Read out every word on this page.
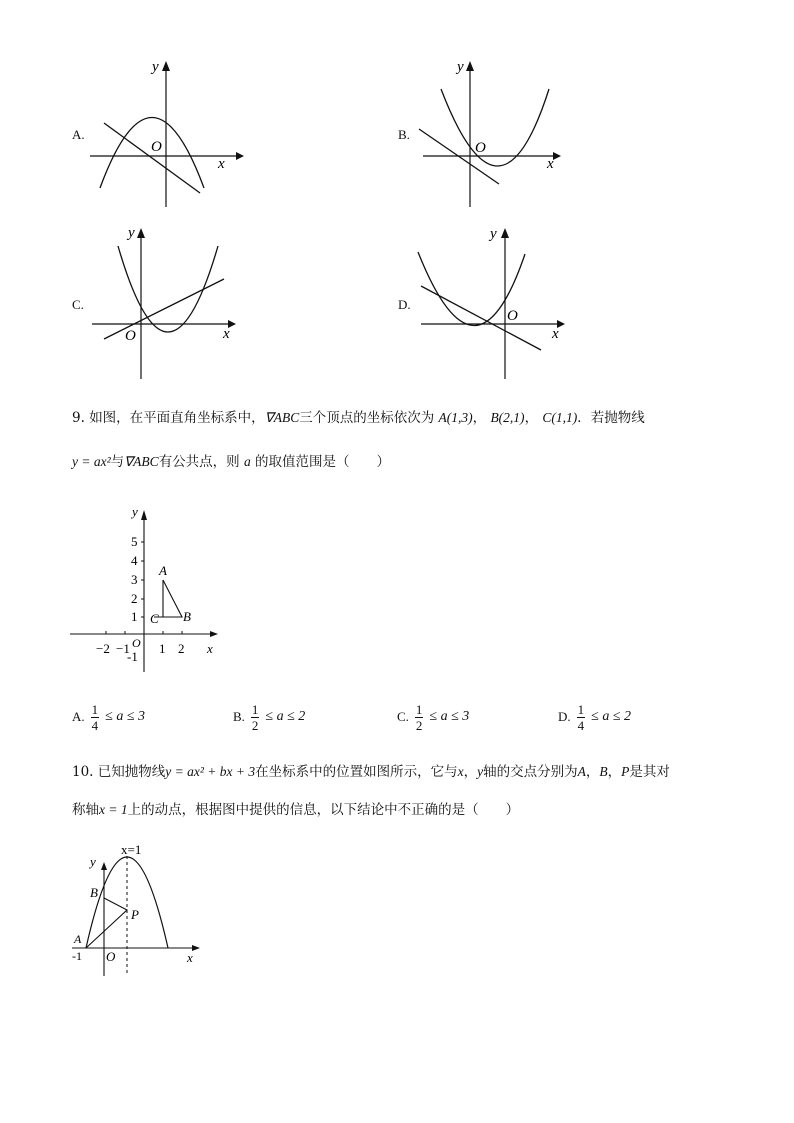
A.
y
x
O
B.
y
x
O
C.
y
x
O
D.
y
x
O
9. 如图，在平面直角坐标系中，∇ABC三个顶点的坐标依次为 A(1,3)， B(2,1)， C(1,1)．若抛物线
y = ax²与∇ABC有公共点，则 a 的取值范围是（　　）
y
x
O
5
4
3
2
1
-1
−2 −1 1 2
A
B
C
A. $\frac{1}{4} \le a \le 3$	B. $\frac{1}{2} \le a \le 2$	C. $\frac{1}{2} \le a \le 3$	D. $\frac{1}{4} \le a \le 2$
10. 已知抛物线y = ax² + bx + 3在坐标系中的位置如图所示，它与x，y轴的交点分别为A，B，P是其对
称轴x = 1上的动点，根据图中提供的信息，以下结论中不正确的是（　　）
x=1
y
x
O
B
P
A
-1
